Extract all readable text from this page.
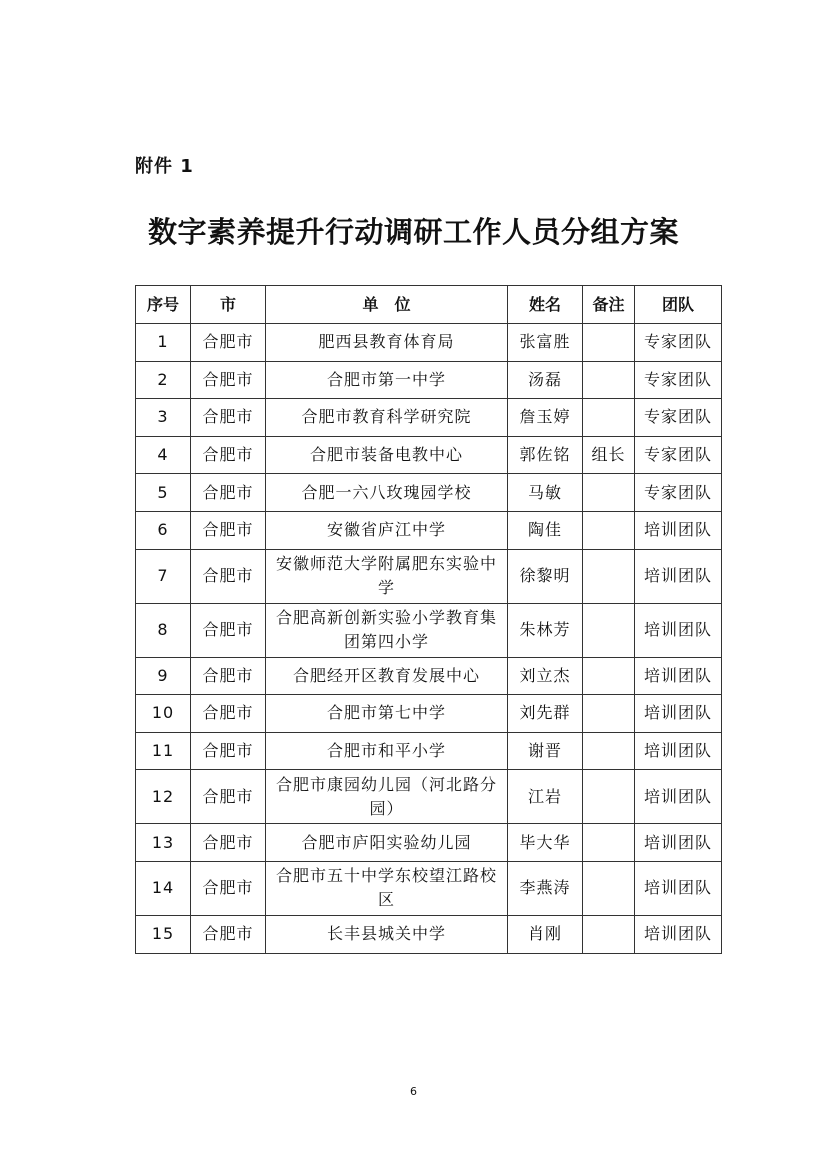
附件 1
数字素养提升行动调研工作人员分组方案
序号	市	单　位	姓名	备注	团队
1	合肥市	肥西县教育体育局	张富胜		专家团队
2	合肥市	合肥市第一中学	汤磊		专家团队
3	合肥市	合肥市教育科学研究院	詹玉婷		专家团队
4	合肥市	合肥市装备电教中心	郭佐铭	组长	专家团队
5	合肥市	合肥一六八玫瑰园学校	马敏		专家团队
6	合肥市	安徽省庐江中学	陶佳		培训团队
7	合肥市	安徽师范大学附属肥东实验中学	徐黎明		培训团队
8	合肥市	合肥高新创新实验小学教育集团第四小学	朱林芳		培训团队
9	合肥市	合肥经开区教育发展中心	刘立杰		培训团队
10	合肥市	合肥市第七中学	刘先群		培训团队
11	合肥市	合肥市和平小学	谢晋		培训团队
12	合肥市	合肥市康园幼儿园（河北路分园）	江岩		培训团队
13	合肥市	合肥市庐阳实验幼儿园	毕大华		培训团队
14	合肥市	合肥市五十中学东校望江路校区	李燕涛		培训团队
15	合肥市	长丰县城关中学	肖刚		培训团队
6
